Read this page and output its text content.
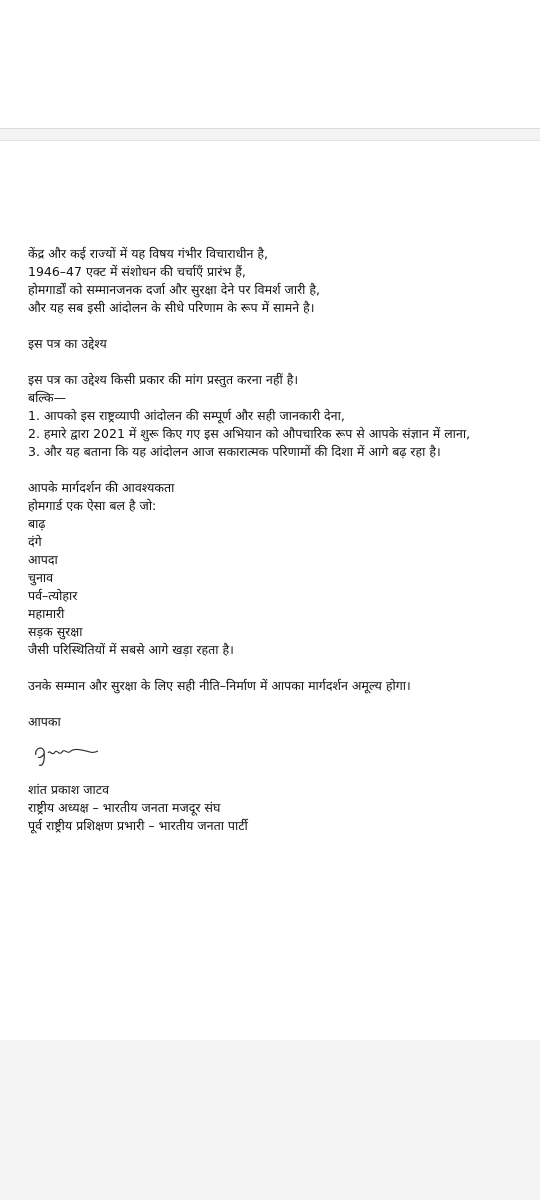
केंद्र और कई राज्यों में यह विषय गंभीर विचाराधीन है,
1946–47 एक्ट में संशोधन की चर्चाएँ प्रारंभ हैं,
होमगार्डों को सम्मानजनक दर्जा और सुरक्षा देने पर विमर्श जारी है,
और यह सब इसी आंदोलन के सीधे परिणाम के रूप में सामने है।
इस पत्र का उद्देश्य
इस पत्र का उद्देश्य किसी प्रकार की मांग प्रस्तुत करना नहीं है।
बल्कि—
1. आपको इस राष्ट्रव्यापी आंदोलन की सम्पूर्ण और सही जानकारी देना,
2. हमारे द्वारा 2021 में शुरू किए गए इस अभियान को औपचारिक रूप से आपके संज्ञान में लाना,
3. और यह बताना कि यह आंदोलन आज सकारात्मक परिणामों की दिशा में आगे बढ़ रहा है।
आपके मार्गदर्शन की आवश्यकता
होमगार्ड एक ऐसा बल है जो:
बाढ़
दंगे
आपदा
चुनाव
पर्व–त्योहार
महामारी
सड़क सुरक्षा
जैसी परिस्थितियों में सबसे आगे खड़ा रहता है।
उनके सम्मान और सुरक्षा के लिए सही नीति–निर्माण में आपका मार्गदर्शन अमूल्य होगा।
आपका
शांत प्रकाश जाटव
राष्ट्रीय अध्यक्ष – भारतीय जनता मजदूर संघ
पूर्व राष्ट्रीय प्रशिक्षण प्रभारी – भारतीय जनता पार्टी
